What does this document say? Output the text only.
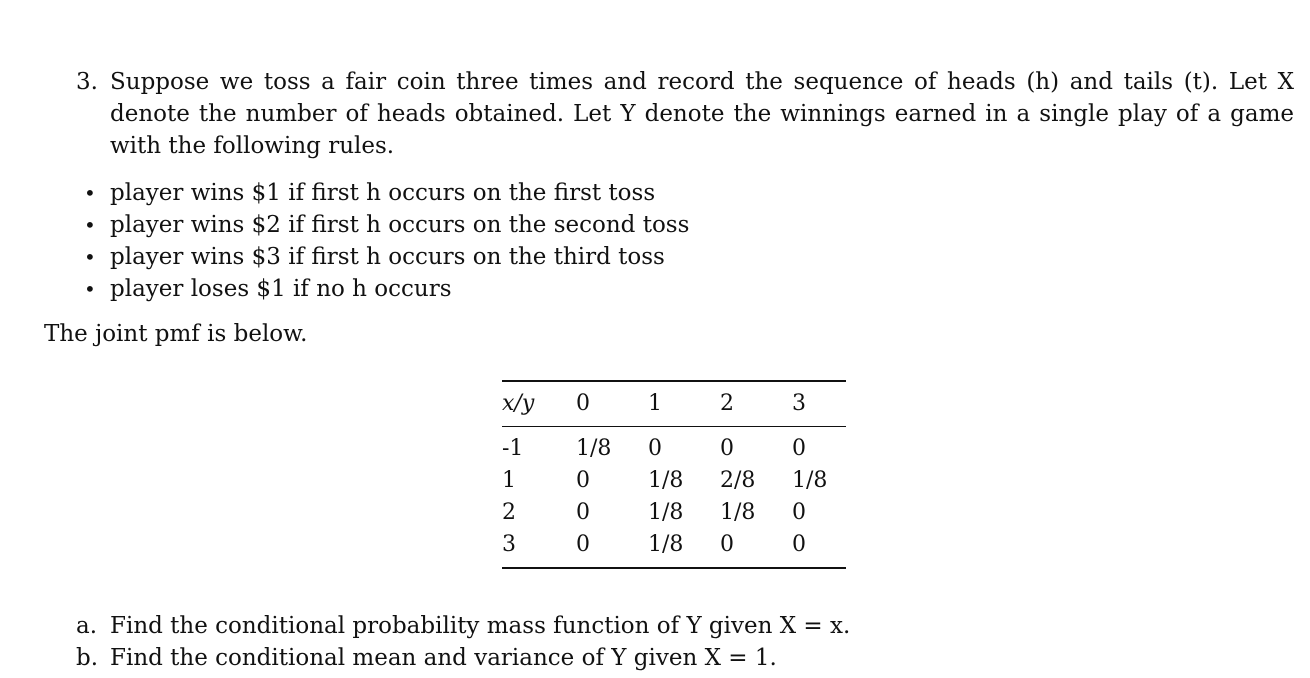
3. Suppose we toss a fair coin three times and record the sequence of heads (h) and tails (t). Let X denote the number of heads obtained. Let Y denote the winnings earned in a single play of a game with the following rules.
• player wins $1 if first h occurs on the first toss
• player wins $2 if first h occurs on the second toss
• player wins $3 if first h occurs on the third toss
• player loses $1 if no h occurs
The joint pmf is below.
x/y	0	1	2	3
-1	1/8	0	0	0
1	0	1/8	2/8	1/8
2	0	1/8	1/8	0
3	0	1/8	0	0
a. Find the conditional probability mass function of Y given X = x.
b. Find the conditional mean and variance of Y given X = 1.
